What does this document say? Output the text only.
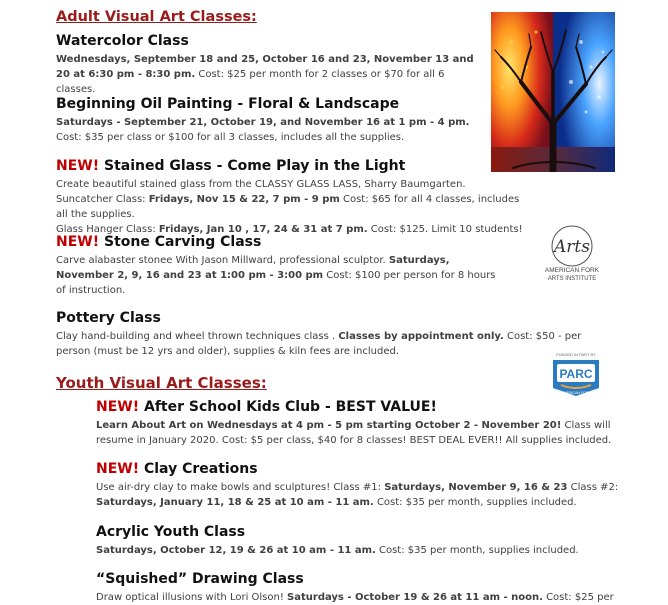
Adult Visual Art Classes:
Watercolor Class

Wednesdays, September 18 and 25, October 16 and 23, November 13 and 20 at 6:30 pm - 8:30 pm. Cost: $25 per month for 2 classes or $70 for all 6 classes.

Beginning Oil Painting - Floral & Landscape

Saturdays - September 21, October 19, and November 16 at 1 pm - 4 pm.
Cost: $35 per class or $100 for all 3 classes, includes all the supplies.

NEW! Stained Glass - Come Play in the Light

Create beautiful stained glass from the CLASSY GLASS LASS, Sharry Baumgarten.
Suncatcher Class: Fridays, Nov 15 & 22, 7 pm - 9 pm Cost: $65 for all 4 classes, includes all the supplies.
Glass Hanger Class: Fridays, Jan 10 , 17, 24 & 31 at 7 pm. Cost: $125. Limit 10 students!

NEW! Stone Carving Class

Carve alabaster stonee With Jason Millward, professional sculptor. Saturdays, November 2, 9, 16 and 23 at 1:00 pm - 3:00 pm Cost: $100 per person for 8 hours of instruction.

Pottery Class

Clay hand-building and wheel thrown techniques class . Classes by appointment only. Cost: $50 - per person (must be 12 yrs and older), supplies & kiln fees are included.

Youth Visual Art Classes:
NEW! After School Kids Club - BEST VALUE!

Learn About Art on Wednesdays at 4 pm - 5 pm starting October 2 - November 20! Class will resume in January 2020. Cost: $5 per class, $40 for 8 classes! BEST DEAL EVER!! All supplies included.

NEW! Clay Creations

Use air-dry clay to make bowls and sculptures! Class #1: Saturdays, November 9, 16 & 23 Class #2: Saturdays, January 11, 18 & 25 at 10 am - 11 am. Cost: $35 per month, supplies included.

Acrylic Youth Class

Saturdays, October 12, 19 & 26 at 10 am - 11 am. Cost: $35 per month, supplies included.

“Squished” Drawing Class

Draw optical illusions with Lori Olson! Saturdays - October 19 & 26 at 11 am - noon. Cost: $25 per

Arts
AMERICAN FORK
ARTS INSTITUTE
FUNDED IN PART BY
PARC
AMERICAN FORK
